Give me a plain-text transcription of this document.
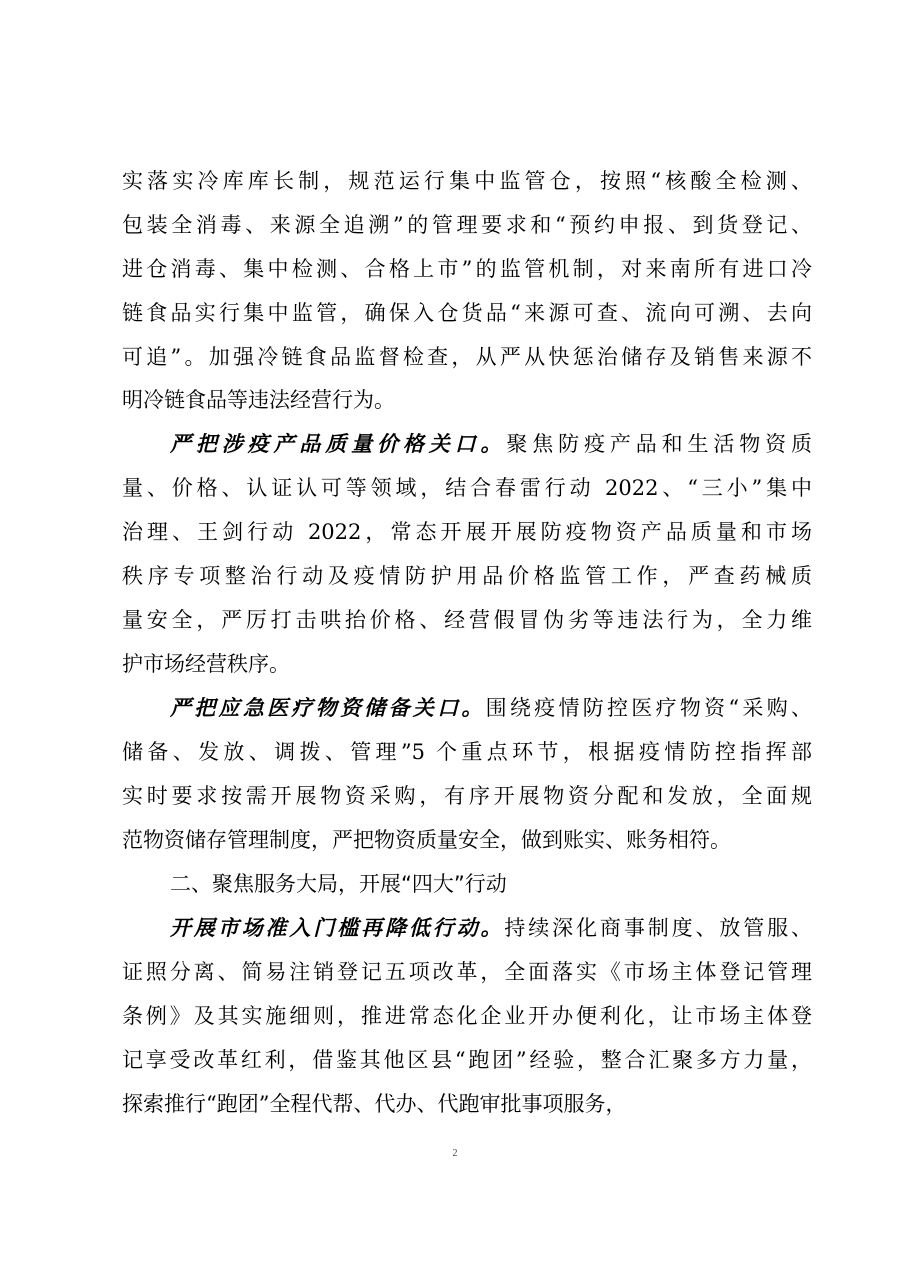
实落实冷库库长制，规范运行集中监管仓，按照“核酸全检测、
包装全消毒、来源全追溯”的管理要求和“预约申报、到货登记、
进仓消毒、集中检测、合格上市”的监管机制，对来南所有进口冷
链食品实行集中监管，确保入仓货品“来源可查、流向可溯、去向
可追”。加强冷链食品监督检查，从严从快惩治储存及销售来源不
明冷链食品等违法经营行为。
严把涉疫产品质量价格关口。聚焦防疫产品和生活物资质
量、价格、认证认可等领域，结合春雷行动 2022、“三小”集中
治理、王剑行动 2022，常态开展开展防疫物资产品质量和市场
秩序专项整治行动及疫情防护用品价格监管工作，严查药械质
量安全，严厉打击哄抬价格、经营假冒伪劣等违法行为，全力维
护市场经营秩序。
严把应急医疗物资储备关口。围绕疫情防控医疗物资“采购、
储备、发放、调拨、管理”5 个重点环节，根据疫情防控指挥部
实时要求按需开展物资采购，有序开展物资分配和发放，全面规
范物资储存管理制度，严把物资质量安全，做到账实、账务相符。
二、聚焦服务大局，开展“四大”行动
开展市场准入门槛再降低行动。持续深化商事制度、放管服、
证照分离、简易注销登记五项改革，全面落实《市场主体登记管理
条例》及其实施细则，推进常态化企业开办便利化，让市场主体登
记享受改革红利，借鉴其他区县“跑团”经验，整合汇聚多方力量，
探索推行“跑团”全程代帮、代办、代跑审批事项服务，
2
